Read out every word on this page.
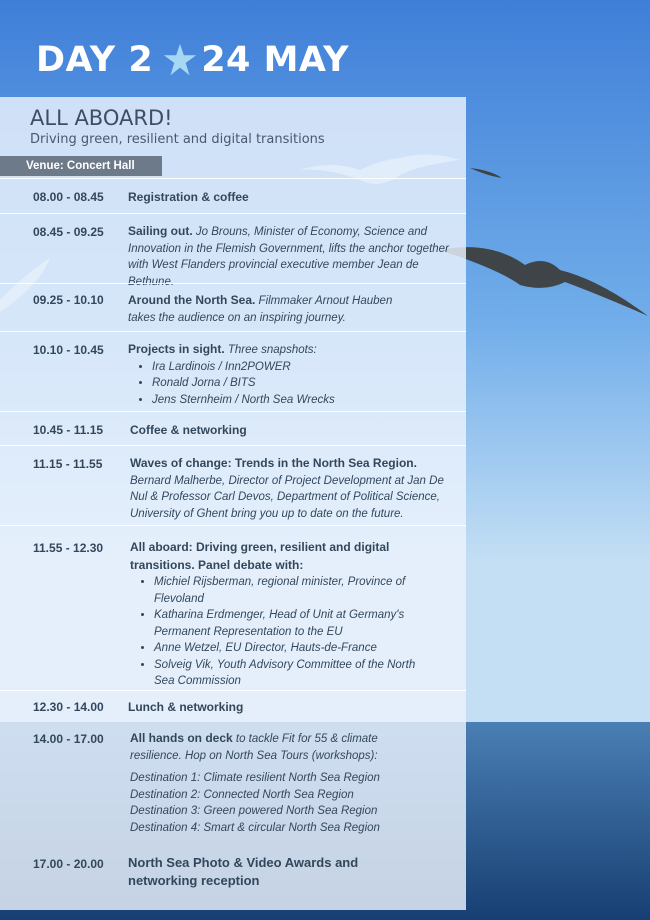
DAY 2 24 MAY
ALL ABOARD!
Driving green, resilient and digital transitions
Venue: Concert Hall
08.00 - 08.45 Registration & coffee
08.45 - 09.25 Sailing out. Jo Brouns, Minister of Economy, Science and Innovation in the Flemish Government, lifts the anchor together with West Flanders provincial executive member Jean de Bethune.
09.25 - 10.10 Around the North Sea. Filmmaker Arnout Hauben takes the audience on an inspiring journey.
10.10 - 10.45 Projects in sight. Three snapshots:
• Ira Lardinois / Inn2POWER
• Ronald Jorna / BITS
• Jens Sternheim / North Sea Wrecks
10.45 - 11.15 Coffee & networking
11.15 - 11.55 Waves of change: Trends in the North Sea Region.
Bernard Malherbe, Director of Project Development at Jan De Nul & Professor Carl Devos, Department of Political Science, University of Ghent bring you up to date on the future.
11.55 - 12.30 All aboard: Driving green, resilient and digital transitions. Panel debate with:
• Michiel Rijsberman, regional minister, Province of Flevoland
• Katharina Erdmenger, Head of Unit at Germany's Permanent Representation to the EU
• Anne Wetzel, EU Director, Hauts-de-France
• Solveig Vik, Youth Advisory Committee of the North Sea Commission
12.30 - 14.00 Lunch & networking
14.00 - 17.00 All hands on deck to tackle Fit for 55 & climate resilience. Hop on North Sea Tours (workshops):
Destination 1: Climate resilient North Sea Region
Destination 2: Connected North Sea Region
Destination 3: Green powered North Sea Region
Destination 4: Smart & circular North Sea Region
17.00 - 20.00 North Sea Photo & Video Awards and networking reception
